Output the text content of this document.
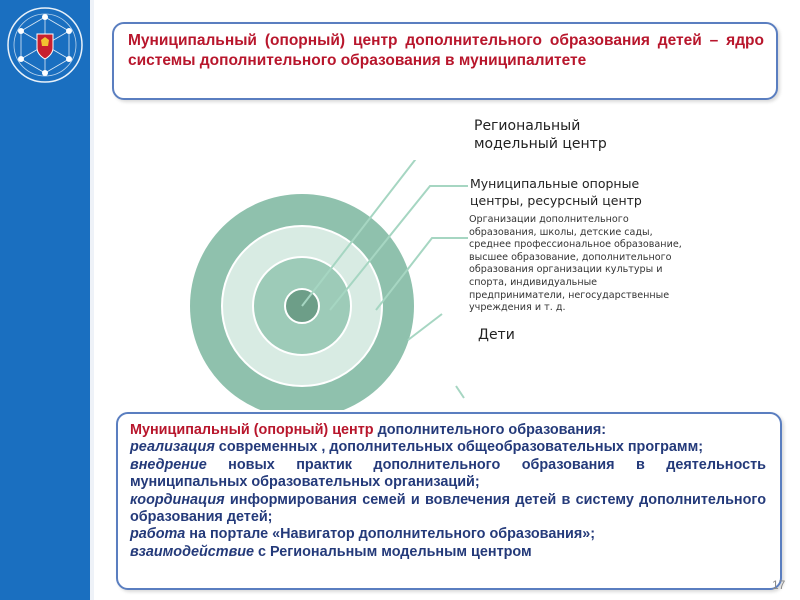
Муниципальный (опорный) центр дополнительного образования детей – ядро системы дополнительного образования в муниципалитете
Региональный модельный центр
Муниципальные опорные центры, ресурсный центр
Организации дополнительного образования, школы, детские сады, среднее профессиональное образование, высшее образование, дополнительного образования организации культуры и спорта, индивидуальные предприниматели, негосударственные учреждения и т. д.
Дети
Муниципальный (опорный) центр дополнительного образования:
реализация современных , дополнительных общеобразовательных программ;
внедрение новых практик дополнительного образования в деятельность муниципальных образовательных организаций;
координация информирования семей и вовлечения детей в систему дополнительного образования детей;
работа на портале «Навигатор дополнительного образования»;
взаимодействие с Региональным модельным центром
17
